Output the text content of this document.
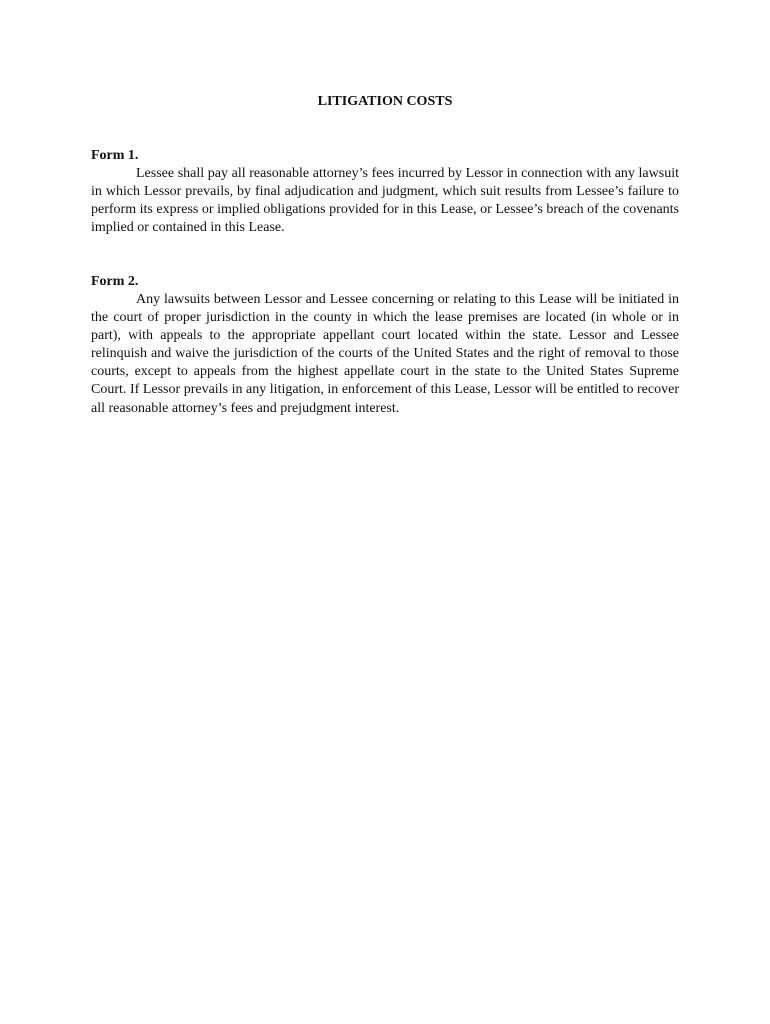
LITIGATION COSTS

Form 1.

Lessee shall pay all reasonable attorney’s fees incurred by Lessor in connection with any lawsuit in which Lessor prevails, by final adjudication and judgment, which suit results from Lessee’s failure to perform its express or implied obligations provided for in this Lease, or Lessee’s breach of the covenants implied or contained in this Lease.

Form 2.

Any lawsuits between Lessor and Lessee concerning or relating to this Lease will be initiated in the court of proper jurisdiction in the county in which the lease premises are located (in whole or in part), with appeals to the appropriate appellant court located within the state. Lessor and Lessee relinquish and waive the jurisdiction of the courts of the United States and the right of removal to those courts, except to appeals from the highest appellate court in the state to the United States Supreme Court. If Lessor prevails in any litigation, in enforcement of this Lease, Lessor will be entitled to recover all reasonable attorney’s fees and prejudgment interest.
